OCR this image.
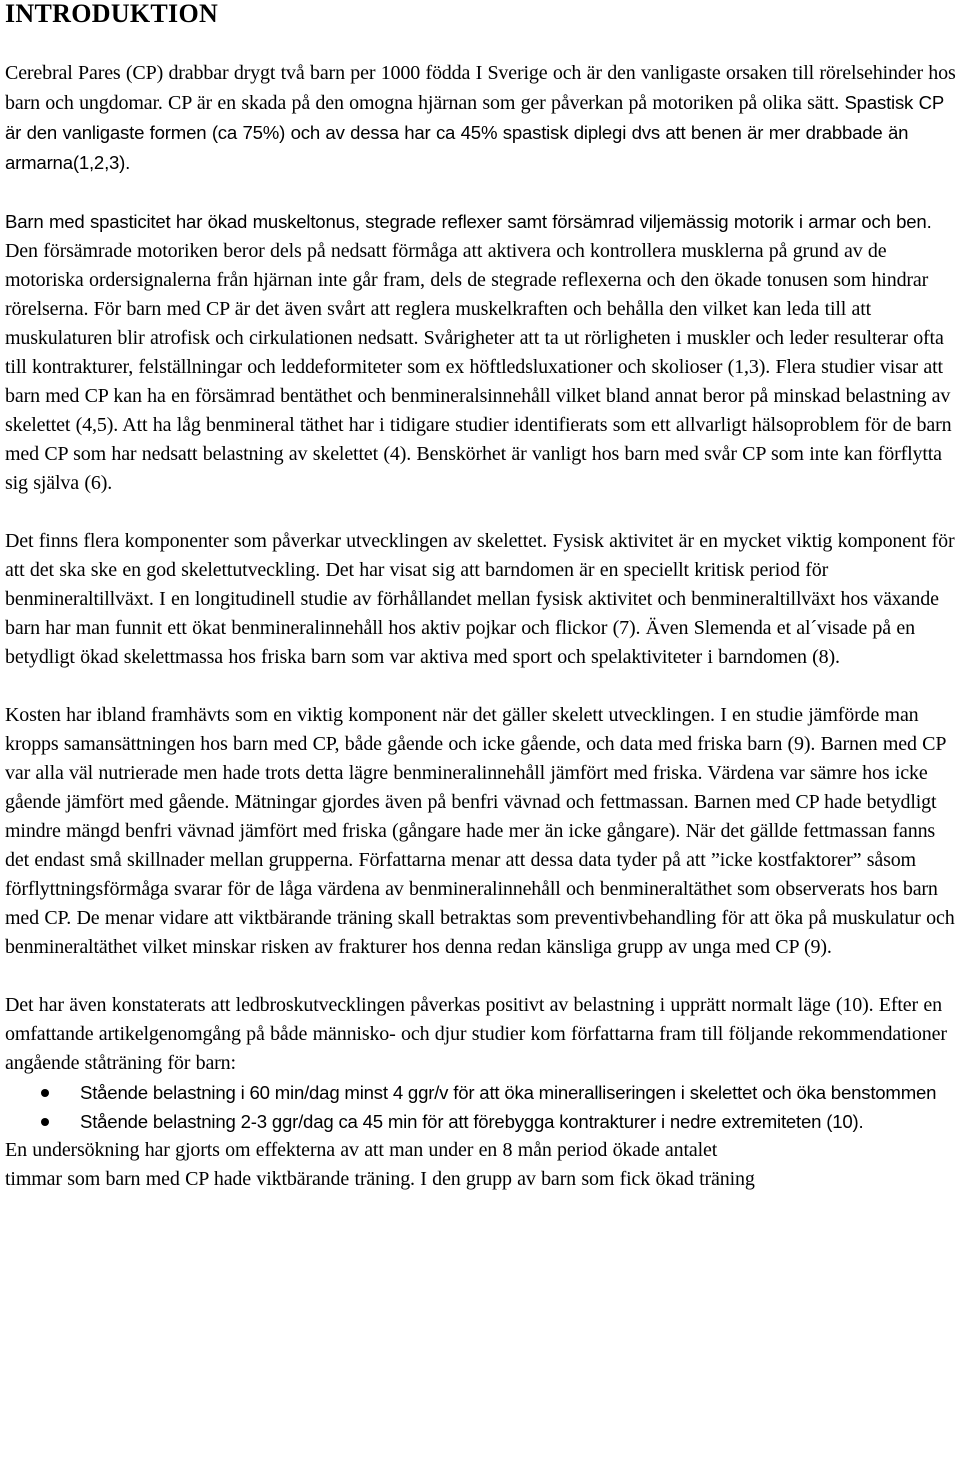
INTRODUKTION

Cerebral Pares (CP) drabbar drygt två barn per 1000 födda I Sverige och är den vanligaste orsaken till rörelsehinder hos barn och ungdomar. CP är en skada på den omogna hjärnan som ger påverkan på motoriken på olika sätt. Spastisk CP är den vanligaste formen (ca 75%) och av dessa har ca 45% spastisk diplegi dvs att benen är mer drabbade än armarna(1,2,3).

Barn med spasticitet har ökad muskeltonus, stegrade reflexer samt försämrad viljemässig motorik i armar och ben. Den försämrade motoriken beror dels på nedsatt förmåga att aktivera och kontrollera musklerna på grund av de motoriska ordersignalerna från hjärnan inte går fram, dels de stegrade reflexerna och den ökade tonusen som hindrar rörelserna. För barn med CP är det även svårt att reglera muskelkraften och behålla den vilket kan leda till att muskulaturen blir atrofisk och cirkulationen nedsatt. Svårigheter att ta ut rörligheten i muskler och leder resulterar ofta till kontrakturer, felställningar och leddeformiteter som ex höftledsluxationer och skolioser (1,3). Flera studier visar att barn med CP kan ha en försämrad bentäthet och benmineralsinnehåll vilket bland annat beror på minskad belastning av skelettet (4,5). Att ha låg benmineral täthet har i tidigare studier identifierats som ett allvarligt hälsoproblem för de barn med CP som har nedsatt belastning av skelettet (4). Benskörhet är vanligt hos barn med svår CP som inte kan förflytta sig själva (6).

Det finns flera komponenter som påverkar utvecklingen av skelettet. Fysisk aktivitet är en mycket viktig komponent för att det ska ske en god skelettutveckling. Det har visat sig att barndomen är en speciellt kritisk period för benmineraltillväxt. I en longitudinell studie av förhållandet mellan fysisk aktivitet och benmineraltillväxt hos växande barn har man funnit ett ökat benmineralinnehåll hos aktiv pojkar och flickor (7). Även Slemenda et al´visade på en betydligt ökad skelettmassa hos friska barn som var aktiva med sport och spelaktiviteter i barndomen (8).

Kosten har ibland framhävts som en viktig komponent när det gäller skelett utvecklingen. I en studie jämförde man kropps samansättningen hos barn med CP, både gående och icke gående, och data med friska barn (9). Barnen med CP var alla väl nutrierade men hade trots detta lägre benmineralinnehåll jämfört med friska. Värdena var sämre hos icke gående jämfört med gående. Mätningar gjordes även på benfri vävnad och fettmassan. Barnen med CP hade betydligt mindre mängd benfri vävnad jämfört med friska (gångare hade mer än icke gångare). När det gällde fettmassan fanns det endast små skillnader mellan grupperna. Författarna menar att dessa data tyder på att ”icke kostfaktorer” såsom förflyttningsförmåga svarar för de låga värdena av benmineralinnehåll och benmineraltäthet som observerats hos barn med CP. De menar vidare att viktbärande träning skall betraktas som preventivbehandling för att öka på muskulatur och benmineraltäthet vilket minskar risken av frakturer hos denna redan känsliga grupp av unga med CP (9).

Det har även konstaterats att ledbroskutvecklingen påverkas positivt av belastning i upprätt normalt läge (10). Efter en omfattande artikelgenomgång på både människo- och djur studier kom författarna fram till följande rekommendationer angående ståträning för barn:

Stående belastning i 60 min/dag minst 4 ggr/v för att öka mineralliseringen i skelettet och öka benstommen
Stående belastning 2-3 ggr/dag ca 45 min för att förebygga kontrakturer i nedre extremiteten (10).

En undersökning har gjorts om effekterna av att man under en 8 mån period ökade antalet

timmar som barn med CP hade viktbärande träning. I den grupp av barn som fick ökad träning
